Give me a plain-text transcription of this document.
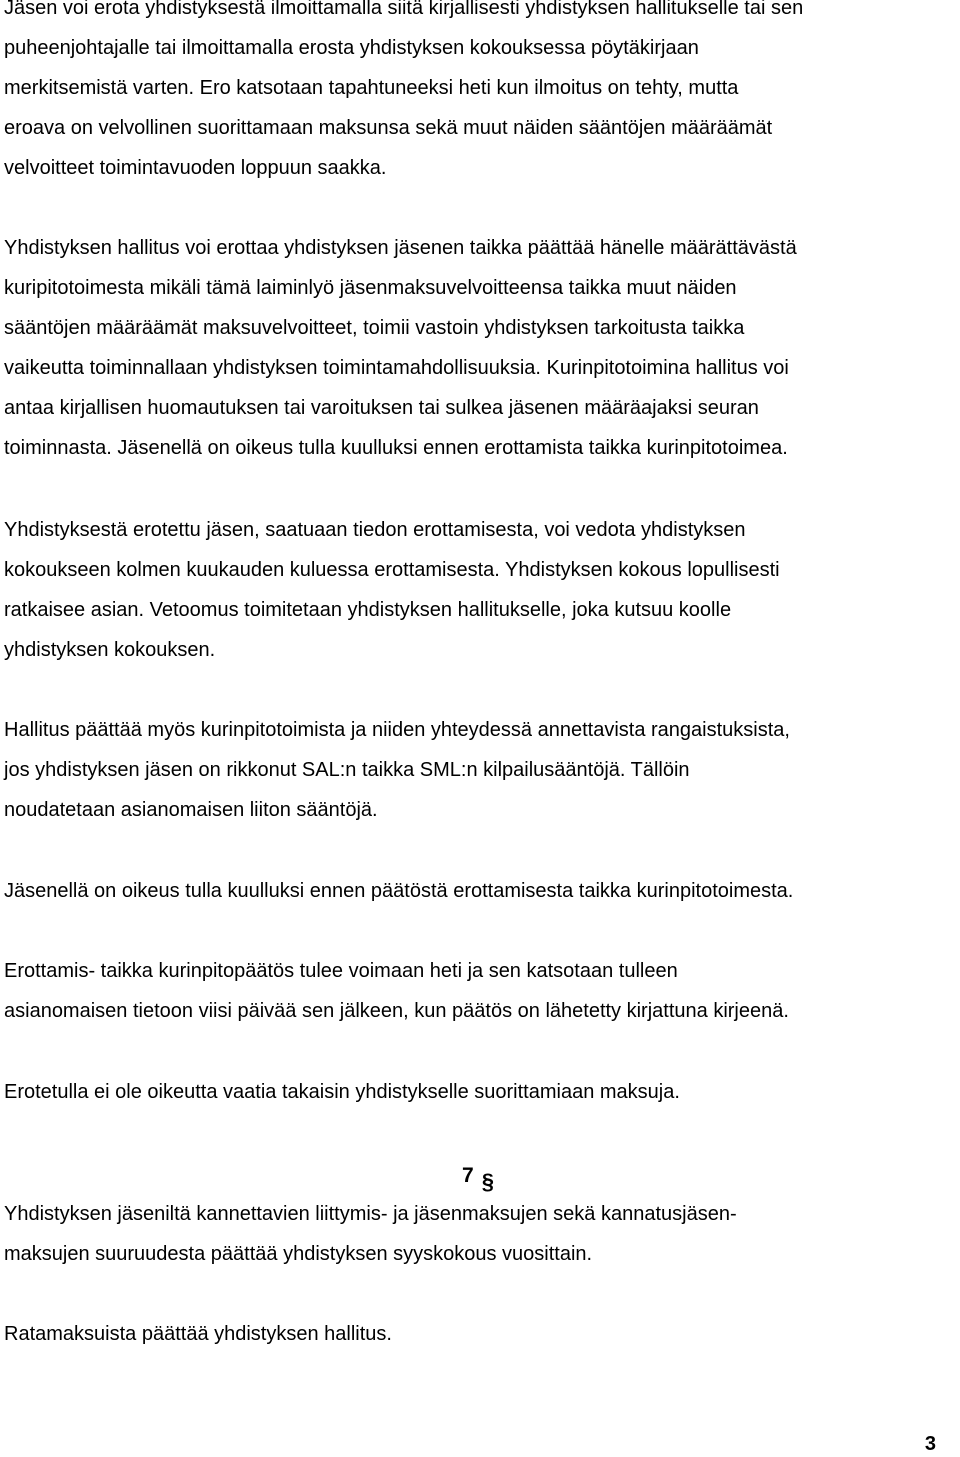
Jäsen voi erota yhdistyksestä ilmoittamalla siitä kirjallisesti yhdistyksen hallitukselle tai sen
puheenjohtajalle tai ilmoittamalla erosta yhdistyksen kokouksessa pöytäkirjaan
merkitsemistä varten. Ero katsotaan tapahtuneeksi heti kun ilmoitus on tehty, mutta
eroava on velvollinen suorittamaan maksunsa sekä muut näiden sääntöjen määräämät
velvoitteet toimintavuoden loppuun saakka.

Yhdistyksen hallitus voi erottaa yhdistyksen jäsenen taikka päättää hänelle määrättävästä
kuripitotoimesta mikäli tämä laiminlyö jäsenmaksuvelvoitteensa taikka muut näiden
sääntöjen määräämät maksuvelvoitteet, toimii vastoin yhdistyksen tarkoitusta taikka
vaikeutta toiminnallaan yhdistyksen toimintamahdollisuuksia. Kurinpitotoimina hallitus voi
antaa kirjallisen huomautuksen tai varoituksen tai sulkea jäsenen määräajaksi seuran
toiminnasta. Jäsenellä on oikeus tulla kuulluksi ennen erottamista taikka kurinpitotoimea.

Yhdistyksestä erotettu jäsen, saatuaan tiedon erottamisesta, voi vedota yhdistyksen
kokoukseen kolmen kuukauden kuluessa erottamisesta. Yhdistyksen kokous lopullisesti
ratkaisee asian. Vetoomus toimitetaan yhdistyksen hallitukselle, joka kutsuu koolle
yhdistyksen kokouksen.

Hallitus päättää myös kurinpitotoimista ja niiden yhteydessä annettavista rangaistuksista,
jos yhdistyksen jäsen on rikkonut SAL:n taikka SML:n kilpailusääntöjä. Tällöin
noudatetaan asianomaisen liiton sääntöjä.

Jäsenellä on oikeus tulla kuulluksi ennen päätöstä erottamisesta taikka kurinpitotoimesta.

Erottamis- taikka kurinpitopäätös tulee voimaan heti ja sen katsotaan tulleen
asianomaisen tietoon viisi päivää sen jälkeen, kun päätös on lähetetty kirjattuna kirjeenä.

Erotetulla ei ole oikeutta vaatia takaisin yhdistykselle suorittamiaan maksuja.

7 §

Yhdistyksen jäseniltä kannettavien liittymis- ja jäsenmaksujen sekä kannatusjäsen-
maksujen suuruudesta päättää yhdistyksen syyskokous vuosittain.

Ratamaksuista päättää yhdistyksen hallitus.

3
